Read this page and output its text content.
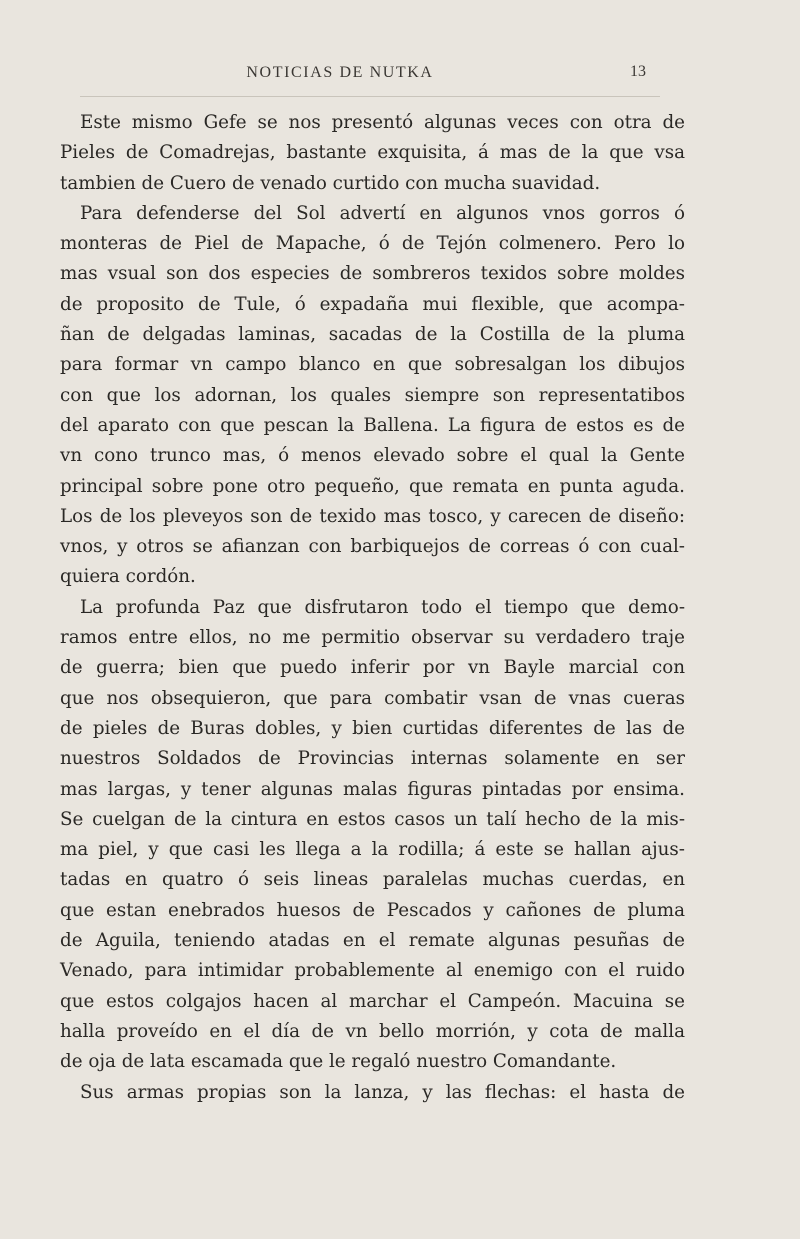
NOTICIAS DE NUTKA	13
Este mismo Gefe se nos presentó algunas veces con otra de
Pieles de Comadrejas, bastante exquisita, á mas de la que vsa
tambien de Cuero de venado curtido con mucha suavidad.
Para defenderse del Sol advertí en algunos vnos gorros ó
monteras de Piel de Mapache, ó de Tejón colmenero. Pero lo
mas vsual son dos especies de sombreros texidos sobre moldes
de proposito de Tule, ó expadaña mui flexible, que acompa-
ñan de delgadas laminas, sacadas de la Costilla de la pluma
para formar vn campo blanco en que sobresalgan los dibujos
con que los adornan, los quales siempre son representatibos
del aparato con que pescan la Ballena. La figura de estos es de
vn cono trunco mas, ó menos elevado sobre el qual la Gente
principal sobre pone otro pequeño, que remata en punta aguda.
Los de los pleveyos son de texido mas tosco, y carecen de diseño:
vnos, y otros se afianzan con barbiquejos de correas ó con cual-
quiera cordón.
La profunda Paz que disfrutaron todo el tiempo que demo-
ramos entre ellos, no me permitio observar su verdadero traje
de guerra; bien que puedo inferir por vn Bayle marcial con
que nos obsequieron, que para combatir vsan de vnas cueras
de pieles de Buras dobles, y bien curtidas diferentes de las de
nuestros Soldados de Provincias internas solamente en ser
mas largas, y tener algunas malas figuras pintadas por ensima.
Se cuelgan de la cintura en estos casos un talí hecho de la mis-
ma piel, y que casi les llega a la rodilla; á este se hallan ajus-
tadas en quatro ó seis lineas paralelas muchas cuerdas, en
que estan enebrados huesos de Pescados y cañones de pluma
de Aguila, teniendo atadas en el remate algunas pesuñas de
Venado, para intimidar probablemente al enemigo con el ruido
que estos colgajos hacen al marchar el Campeón. Macuina se
halla proveído en el día de vn bello morrión, y cota de malla
de oja de lata escamada que le regaló nuestro Comandante.
Sus armas propias son la lanza, y las flechas: el hasta de
